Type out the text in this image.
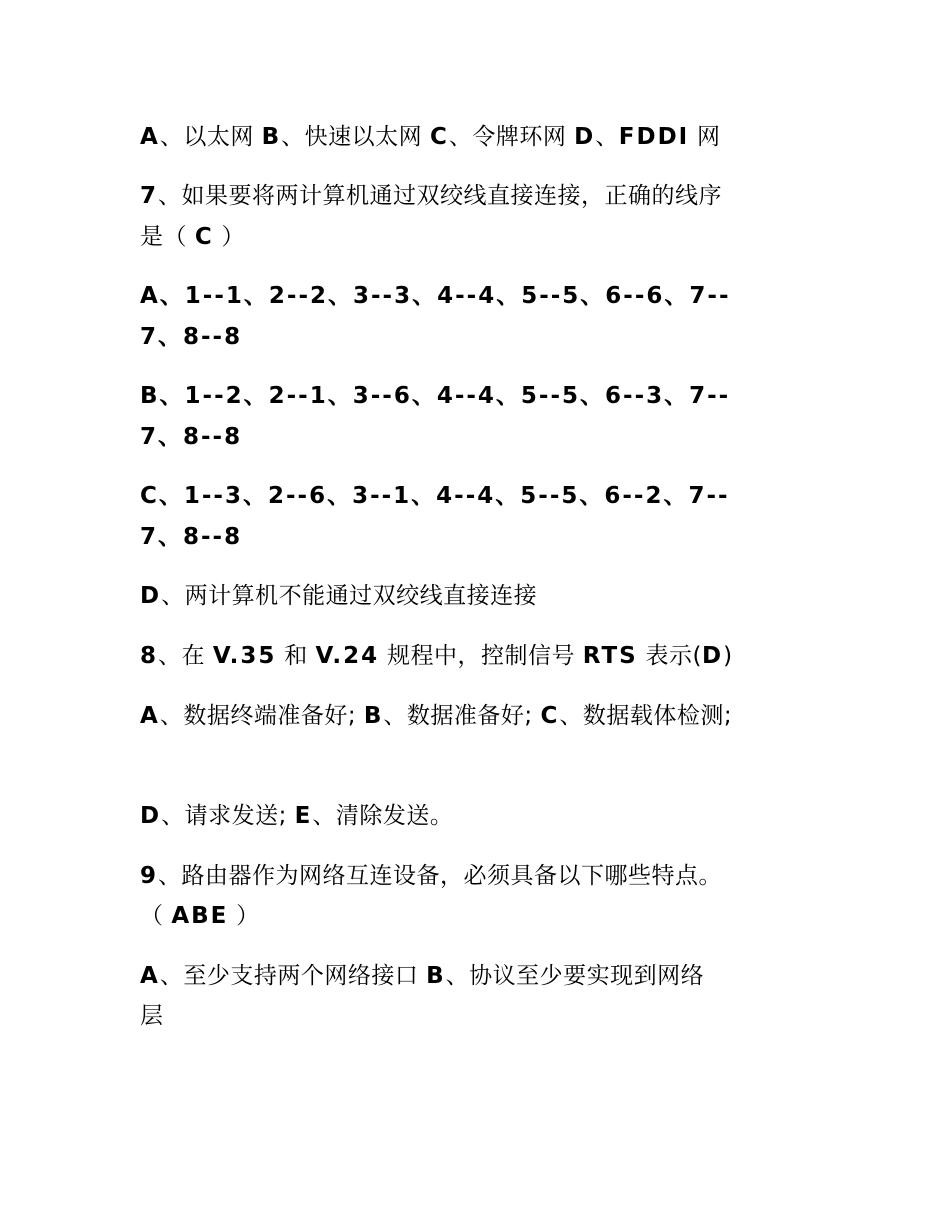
A、以太网 B、快速以太网 C、令牌环网 D、FDDI 网
7、如果要将两计算机通过双绞线直接连接，正确的线序
是（ C ）
A、1--1、2--2、3--3、4--4、5--5、6--6、7--
7、8--8
B、1--2、2--1、3--6、4--4、5--5、6--3、7--
7、8--8
C、1--3、2--6、3--1、4--4、5--5、6--2、7--
7、8--8
D、两计算机不能通过双绞线直接连接
8、在 V.35 和 V.24 规程中，控制信号 RTS 表示(D)
A、数据终端准备好; B、数据准备好; C、数据载体检测;
D、请求发送; E、清除发送。
9、路由器作为网络互连设备，必须具备以下哪些特点。
（ ABE ）
A、至少支持两个网络接口 B、协议至少要实现到网络
层
